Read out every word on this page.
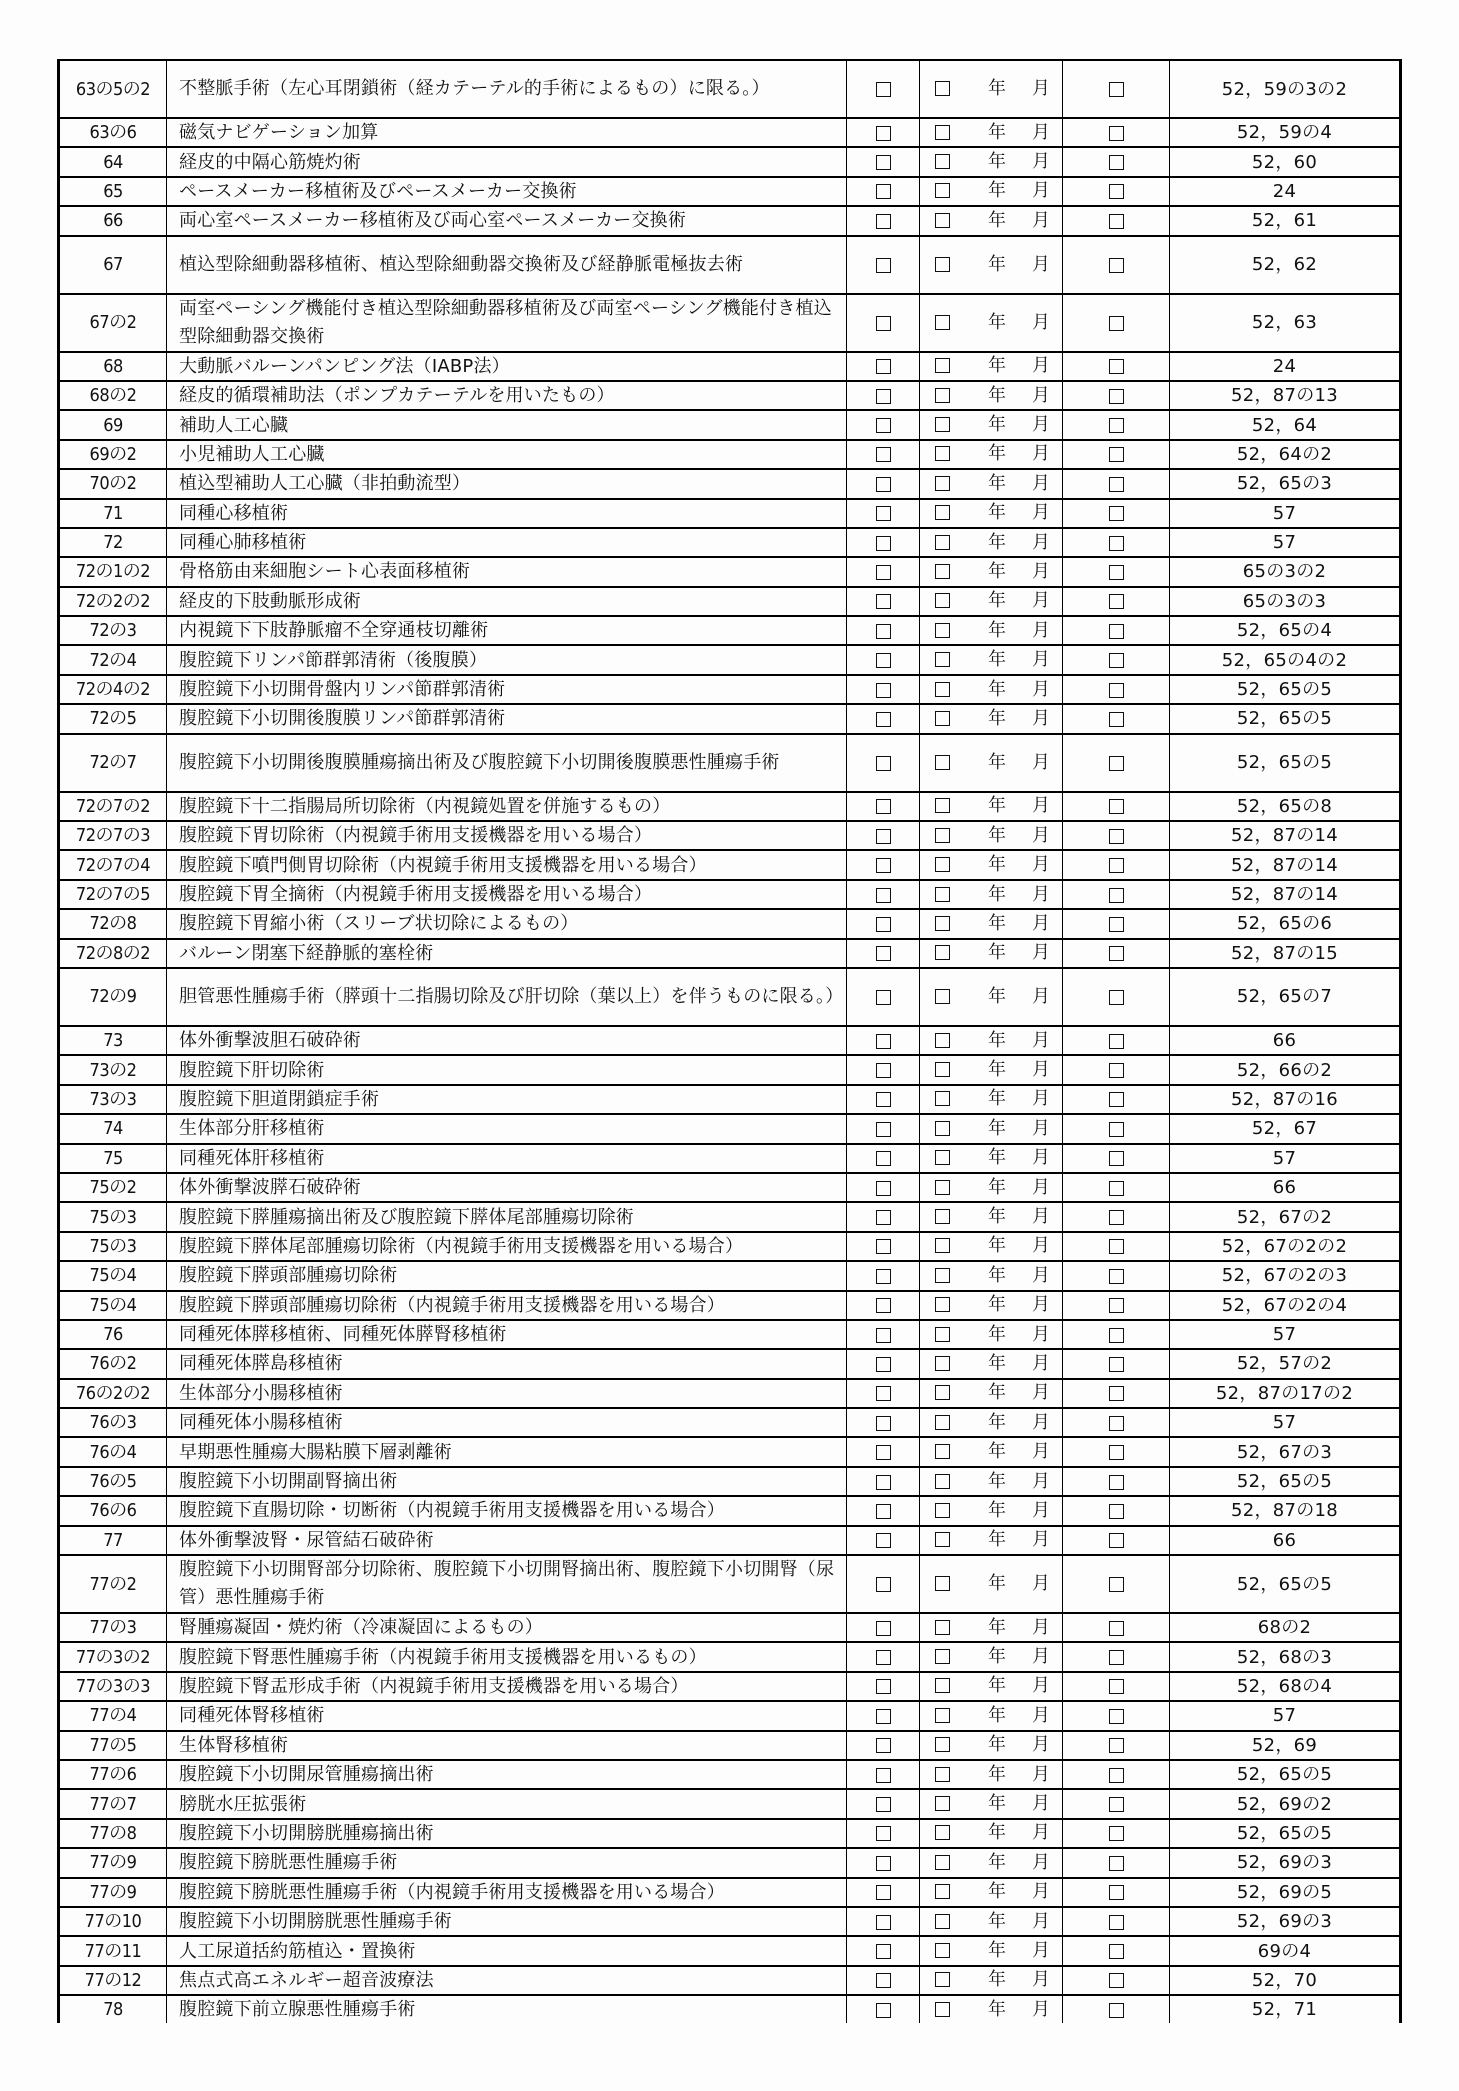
63の5の2	不整脈手術（左心耳閉鎖術（経カテーテル的手術によるもの）に限る。）		年 月		52，59の3の2
63の6	磁気ナビゲーション加算		年 月		52，59の4
64	経皮的中隔心筋焼灼術		年 月		52，60
65	ペースメーカー移植術及びペースメーカー交換術		年 月		24
66	両心室ペースメーカー移植術及び両心室ペースメーカー交換術		年 月		52，61
67	植込型除細動器移植術、植込型除細動器交換術及び経静脈電極抜去術		年 月		52，62
67の2	両室ペーシング機能付き植込型除細動器移植術及び両室ペーシング機能付き植込型除細動器交換術		年 月		52，63
68	大動脈バルーンパンピング法（IABP法）		年 月		24
68の2	経皮的循環補助法（ポンプカテーテルを用いたもの）		年 月		52，87の13
69	補助人工心臓		年 月		52，64
69の2	小児補助人工心臓		年 月		52，64の2
70の2	植込型補助人工心臓（非拍動流型）		年 月		52，65の3
71	同種心移植術		年 月		57
72	同種心肺移植術		年 月		57
72の1の2	骨格筋由来細胞シート心表面移植術		年 月		65の3の2
72の2の2	経皮的下肢動脈形成術		年 月		65の3の3
72の3	内視鏡下下肢静脈瘤不全穿通枝切離術		年 月		52，65の4
72の4	腹腔鏡下リンパ節群郭清術（後腹膜）		年 月		52，65の4の2
72の4の2	腹腔鏡下小切開骨盤内リンパ節群郭清術		年 月		52，65の5
72の5	腹腔鏡下小切開後腹膜リンパ節群郭清術		年 月		52，65の5
72の7	腹腔鏡下小切開後腹膜腫瘍摘出術及び腹腔鏡下小切開後腹膜悪性腫瘍手術		年 月		52，65の5
72の7の2	腹腔鏡下十二指腸局所切除術（内視鏡処置を併施するもの）		年 月		52，65の8
72の7の3	腹腔鏡下胃切除術（内視鏡手術用支援機器を用いる場合）		年 月		52，87の14
72の7の4	腹腔鏡下噴門側胃切除術（内視鏡手術用支援機器を用いる場合）		年 月		52，87の14
72の7の5	腹腔鏡下胃全摘術（内視鏡手術用支援機器を用いる場合）		年 月		52，87の14
72の8	腹腔鏡下胃縮小術（スリーブ状切除によるもの）		年 月		52，65の6
72の8の2	バルーン閉塞下経静脈的塞栓術		年 月		52，87の15
72の9	胆管悪性腫瘍手術（膵頭十二指腸切除及び肝切除（葉以上）を伴うものに限る。）		年 月		52，65の7
73	体外衝撃波胆石破砕術		年 月		66
73の2	腹腔鏡下肝切除術		年 月		52，66の2
73の3	腹腔鏡下胆道閉鎖症手術		年 月		52，87の16
74	生体部分肝移植術		年 月		52，67
75	同種死体肝移植術		年 月		57
75の2	体外衝撃波膵石破砕術		年 月		66
75の3	腹腔鏡下膵腫瘍摘出術及び腹腔鏡下膵体尾部腫瘍切除術		年 月		52，67の2
75の3	腹腔鏡下膵体尾部腫瘍切除術（内視鏡手術用支援機器を用いる場合）		年 月		52，67の2の2
75の4	腹腔鏡下膵頭部腫瘍切除術		年 月		52，67の2の3
75の4	腹腔鏡下膵頭部腫瘍切除術（内視鏡手術用支援機器を用いる場合）		年 月		52，67の2の4
76	同種死体膵移植術、同種死体膵腎移植術		年 月		57
76の2	同種死体膵島移植術		年 月		52，57の2
76の2の2	生体部分小腸移植術		年 月		52，87の17の2
76の3	同種死体小腸移植術		年 月		57
76の4	早期悪性腫瘍大腸粘膜下層剥離術		年 月		52，67の3
76の5	腹腔鏡下小切開副腎摘出術		年 月		52，65の5
76の6	腹腔鏡下直腸切除・切断術（内視鏡手術用支援機器を用いる場合）		年 月		52，87の18
77	体外衝撃波腎・尿管結石破砕術		年 月		66
77の2	腹腔鏡下小切開腎部分切除術、腹腔鏡下小切開腎摘出術、腹腔鏡下小切開腎（尿管）悪性腫瘍手術		年 月		52，65の5
77の3	腎腫瘍凝固・焼灼術（冷凍凝固によるもの）		年 月		68の2
77の3の2	腹腔鏡下腎悪性腫瘍手術（内視鏡手術用支援機器を用いるもの）		年 月		52，68の3
77の3の3	腹腔鏡下腎盂形成手術（内視鏡手術用支援機器を用いる場合）		年 月		52，68の4
77の4	同種死体腎移植術		年 月		57
77の5	生体腎移植術		年 月		52，69
77の6	腹腔鏡下小切開尿管腫瘍摘出術		年 月		52，65の5
77の7	膀胱水圧拡張術		年 月		52，69の2
77の8	腹腔鏡下小切開膀胱腫瘍摘出術		年 月		52，65の5
77の9	腹腔鏡下膀胱悪性腫瘍手術		年 月		52，69の3
77の9	腹腔鏡下膀胱悪性腫瘍手術（内視鏡手術用支援機器を用いる場合）		年 月		52，69の5
77の10	腹腔鏡下小切開膀胱悪性腫瘍手術		年 月		52，69の3
77の11	人工尿道括約筋植込・置換術		年 月		69の4
77の12	焦点式高エネルギー超音波療法		年 月		52，70
78	腹腔鏡下前立腺悪性腫瘍手術		年 月		52，71
